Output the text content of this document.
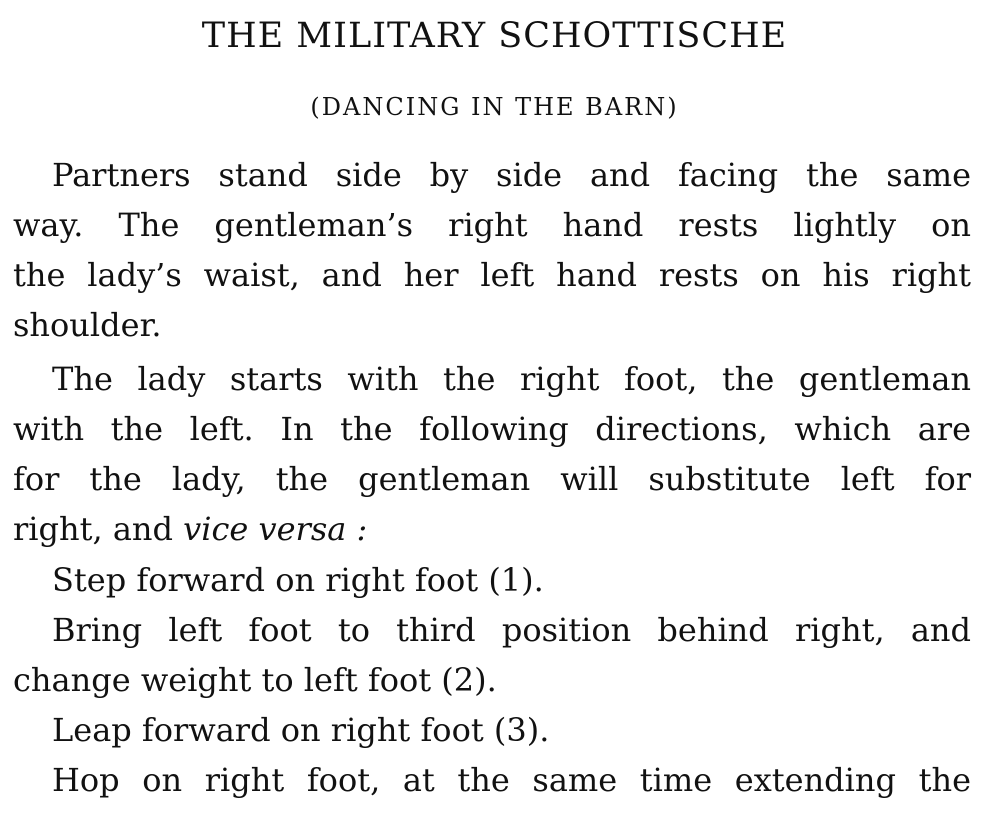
THE MILITARY SCHOTTISCHE
(DANCING IN THE BARN)
Partners stand side by side and facing the same
way. The gentleman’s right hand rests lightly on
the lady’s waist, and her left hand rests on his right
shoulder.
The lady starts with the right foot, the gentleman
with the left. In the following directions, which are
for the lady, the gentleman will substitute left for
right, and vice versa :
Step forward on right foot (1).
Bring left foot to third position behind right, and
change weight to left foot (2).
Leap forward on right foot (3).
Hop on right foot, at the same time extending the
